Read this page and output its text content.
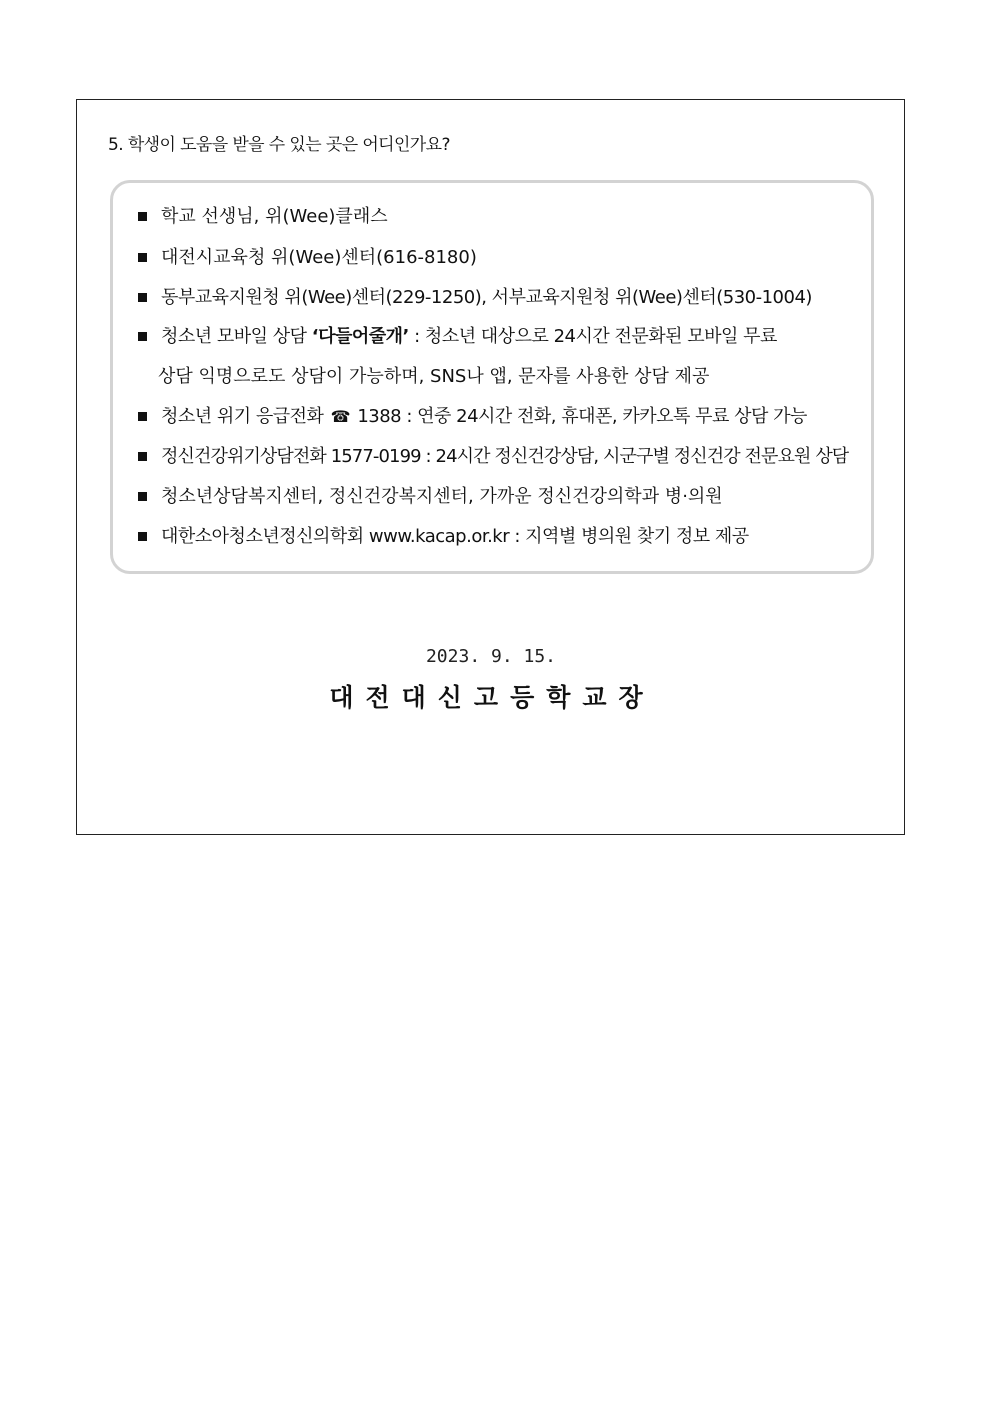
5. 학생이 도움을 받을 수 있는 곳은 어디인가요?
학교 선생님, 위(Wee)클래스
대전시교육청 위(Wee)센터(616-8180)
동부교육지원청 위(Wee)센터(229-1250), 서부교육지원청 위(Wee)센터(530-1004)
청소년 모바일 상담 ‘다들어줄개’ : 청소년 대상으로 24시간 전문화된 모바일 무료
상담 익명으로도 상담이 가능하며, SNS나 앱, 문자를 사용한 상담 제공
청소년 위기 응급전화 ☎ 1388 : 연중 24시간 전화, 휴대폰, 카카오톡 무료 상담 가능
정신건강위기상담전화 1577-0199 : 24시간 정신건강상담, 시군구별 정신건강 전문요원 상담
청소년상담복지센터, 정신건강복지센터, 가까운 정신건강의학과 병·의원
대한소아청소년정신의학회 www.kacap.or.kr : 지역별 병의원 찾기 정보 제공
2023. 9. 15.
대전대신고등학교장
